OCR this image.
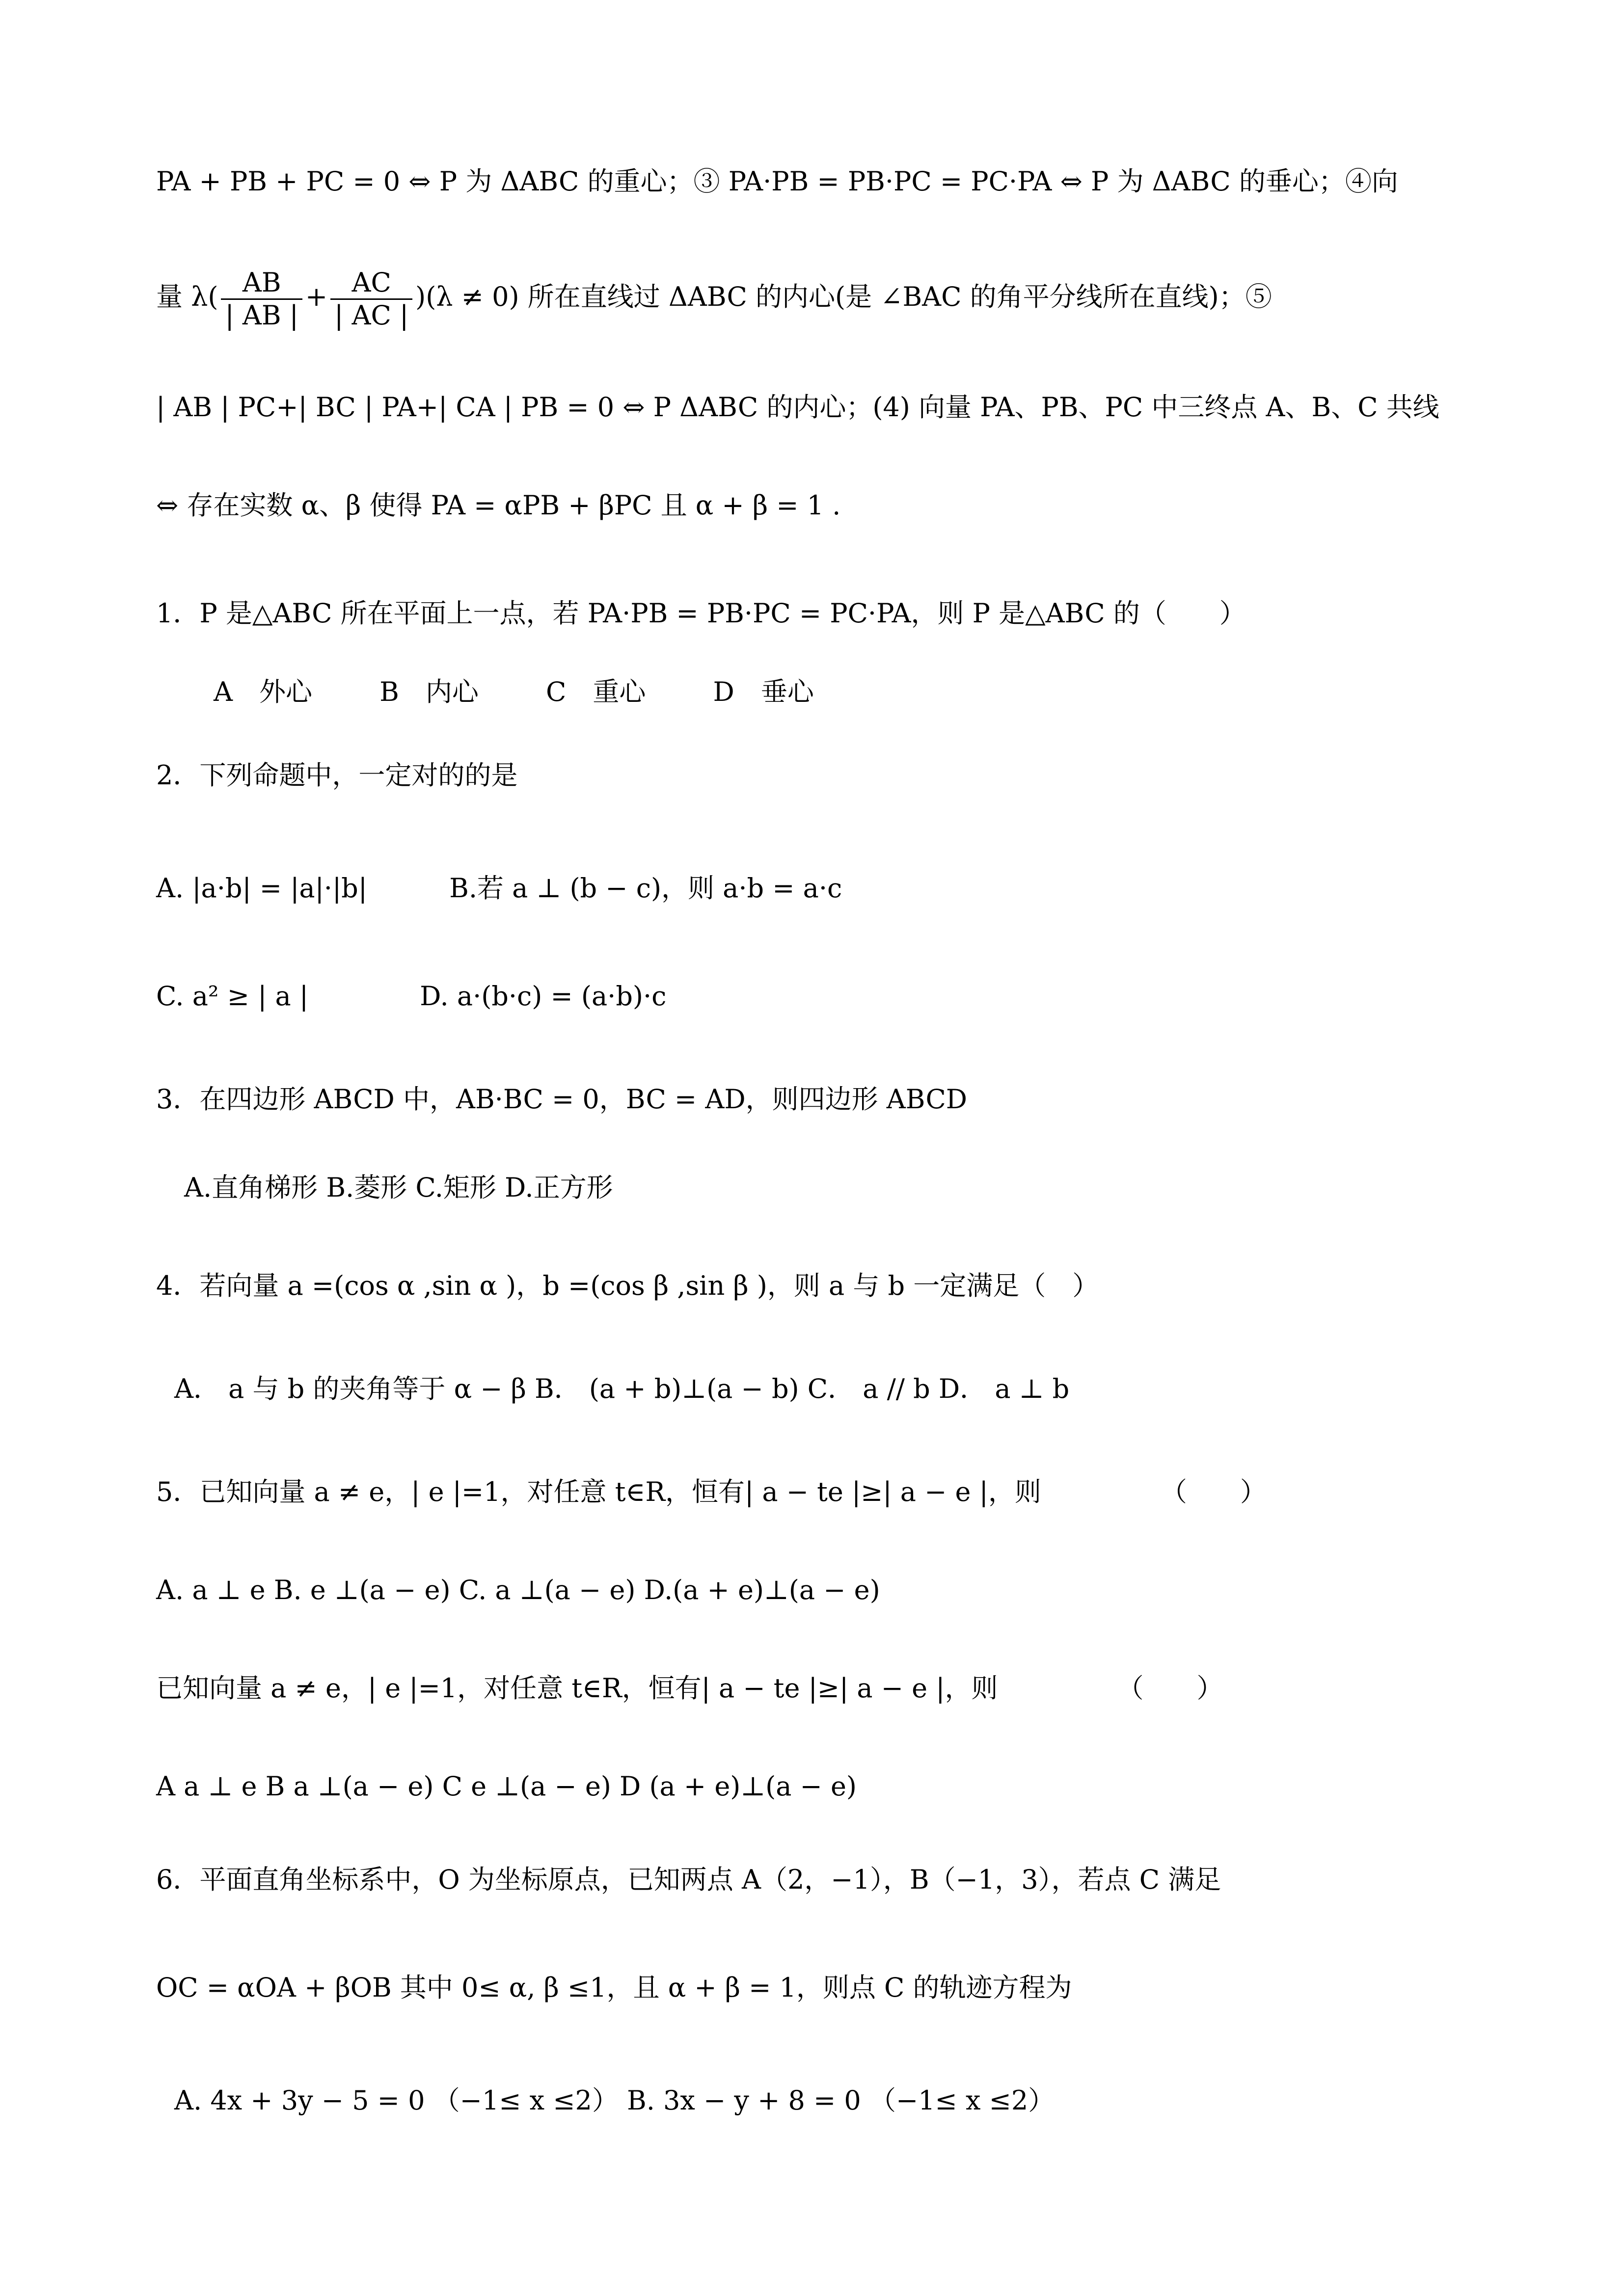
PA + PB + PC = 0 ⇔ P 为 ΔABC 的重心；③ PA·PB = PB·PC = PC·PA ⇔ P 为 ΔABC 的垂心；④向
量 $\lambda( \frac{AB}{| AB |} + \frac{AC}{| AC |} )(\lambda \ne 0)$ 所在直线过 ΔABC 的内心(是 ∠BAC 的角平分线所在直线)；⑤
| AB | PC+| BC | PA+| CA | PB = 0 ⇔ P ΔABC 的内心；(4) 向量 PA、PB、PC 中三终点 A、B、C 共线
⇔ 存在实数 α、β 使得 PA = αPB + βPC 且 α + β = 1 .
1．P 是△ABC 所在平面上一点，若 PA·PB = PB·PC = PC·PA，则 P 是△ABC 的（　　）
A　外心	B　内心	C　重心	D　垂心
2．下列命题中，一定对的的是
A. |a·b| = |a|·|b|	B.若 a ⊥ (b − c)，则 a·b = a·c
C. a² ≥ | a |	D. a·(b·c) = (a·b)·c
3．在四边形 ABCD 中，AB·BC = 0，BC = AD，则四边形 ABCD
A.直角梯形 B.菱形 C.矩形 D.正方形
4．若向量 a =(cos α ,sin α )，b =(cos β ,sin β )，则 a 与 b 一定满足（　）
A． a 与 b 的夹角等于 α − β B． (a + b)⊥(a − b) C． a // b D． a ⊥ b
5．已知向量 a ≠ e，| e |=1，对任意 t∈R，恒有| a − te |≥| a − e |，则　　　　　（　　）
A. a ⊥ e B. e ⊥(a − e) C. a ⊥(a − e) D.(a + e)⊥(a − e)
已知向量 a ≠ e，| e |=1，对任意 t∈R，恒有| a − te |≥| a − e |，则　　　　　（　　）
A a ⊥ e B a ⊥(a − e) C e ⊥(a − e) D (a + e)⊥(a − e)
6．平面直角坐标系中，O 为坐标原点，已知两点 A（2，−1），B（−1，3），若点 C 满足
OC = αOA + βOB 其中 0≤ α, β ≤1，且 α + β = 1，则点 C 的轨迹方程为
A. 4x + 3y − 5 = 0 （−1≤ x ≤2） B. 3x − y + 8 = 0 （−1≤ x ≤2）
